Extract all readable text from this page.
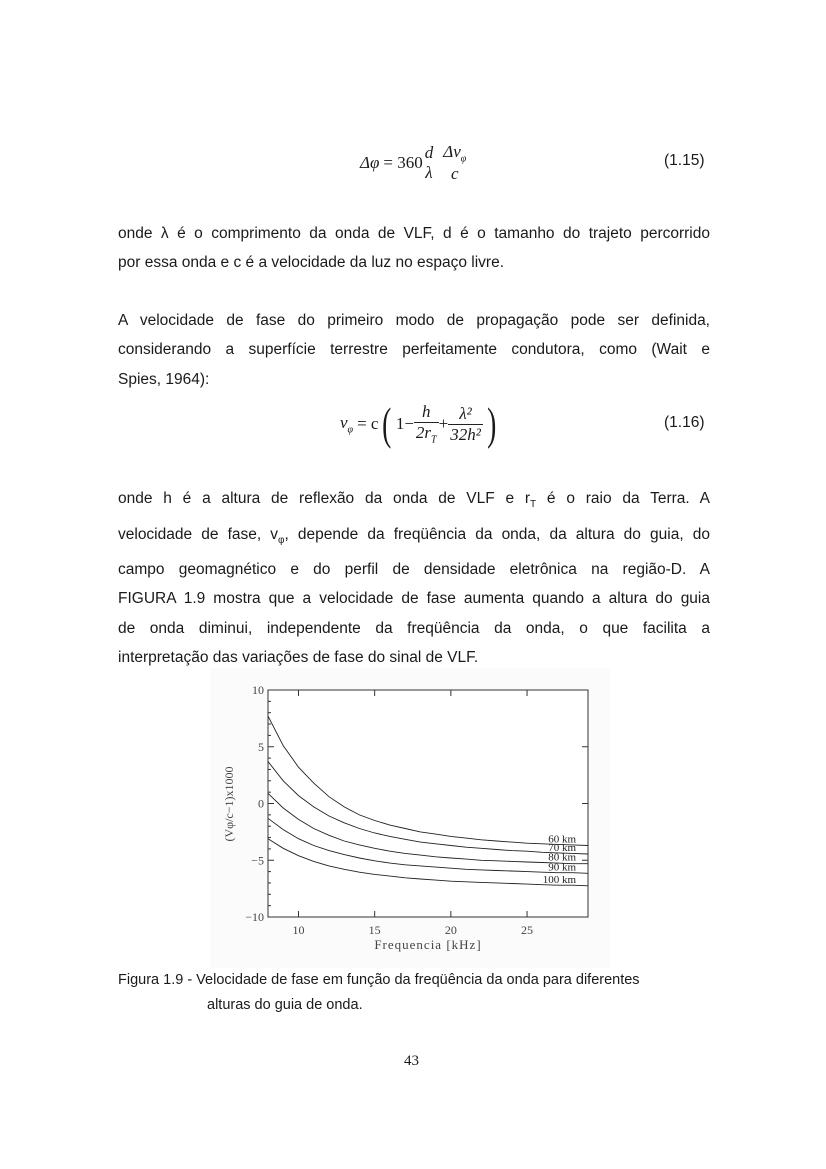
Δφ = 360
d
λ
$\Delta\nu_\varphi$
c
(1.15)
onde λ é o comprimento da onda de VLF, d é o tamanho do trajeto percorrido
por essa onda e c é a velocidade da luz no espaço livre.
A velocidade de fase do primeiro modo de propagação pode ser definida,
considerando a superfície terrestre perfeitamente condutora, como (Wait e
Spies, 1964):
$\nu_\varphi = c$ ( $1- \frac{h}{2r_T} + \frac{\text{λ²}}{\text{32h²}}$ )	(1.16)
onde h é a altura de reflexão da onda de VLF e $r_T$ é o raio da Terra. A
velocidade de fase, $v_\varphi$, depende da freqüência da onda, da altura do guia, do
campo geomagnético e do perfil de densidade eletrônica na região-D. A
FIGURA 1.9 mostra que a velocidade de fase aumenta quando a altura do guia
de onda diminui, independente da freqüência da onda, o que facilita a
interpretação das variações de fase do sinal de VLF.
10	15	20	25
−10
−5
0
5
10
60 km
70 km
80 km
90 km
100 km
Frequencia [kHz]
(Vφ/c−1)x1000
Figura 1.9 - Velocidade de fase em função da freqüência da onda para diferentes
alturas do guia de onda.
43
